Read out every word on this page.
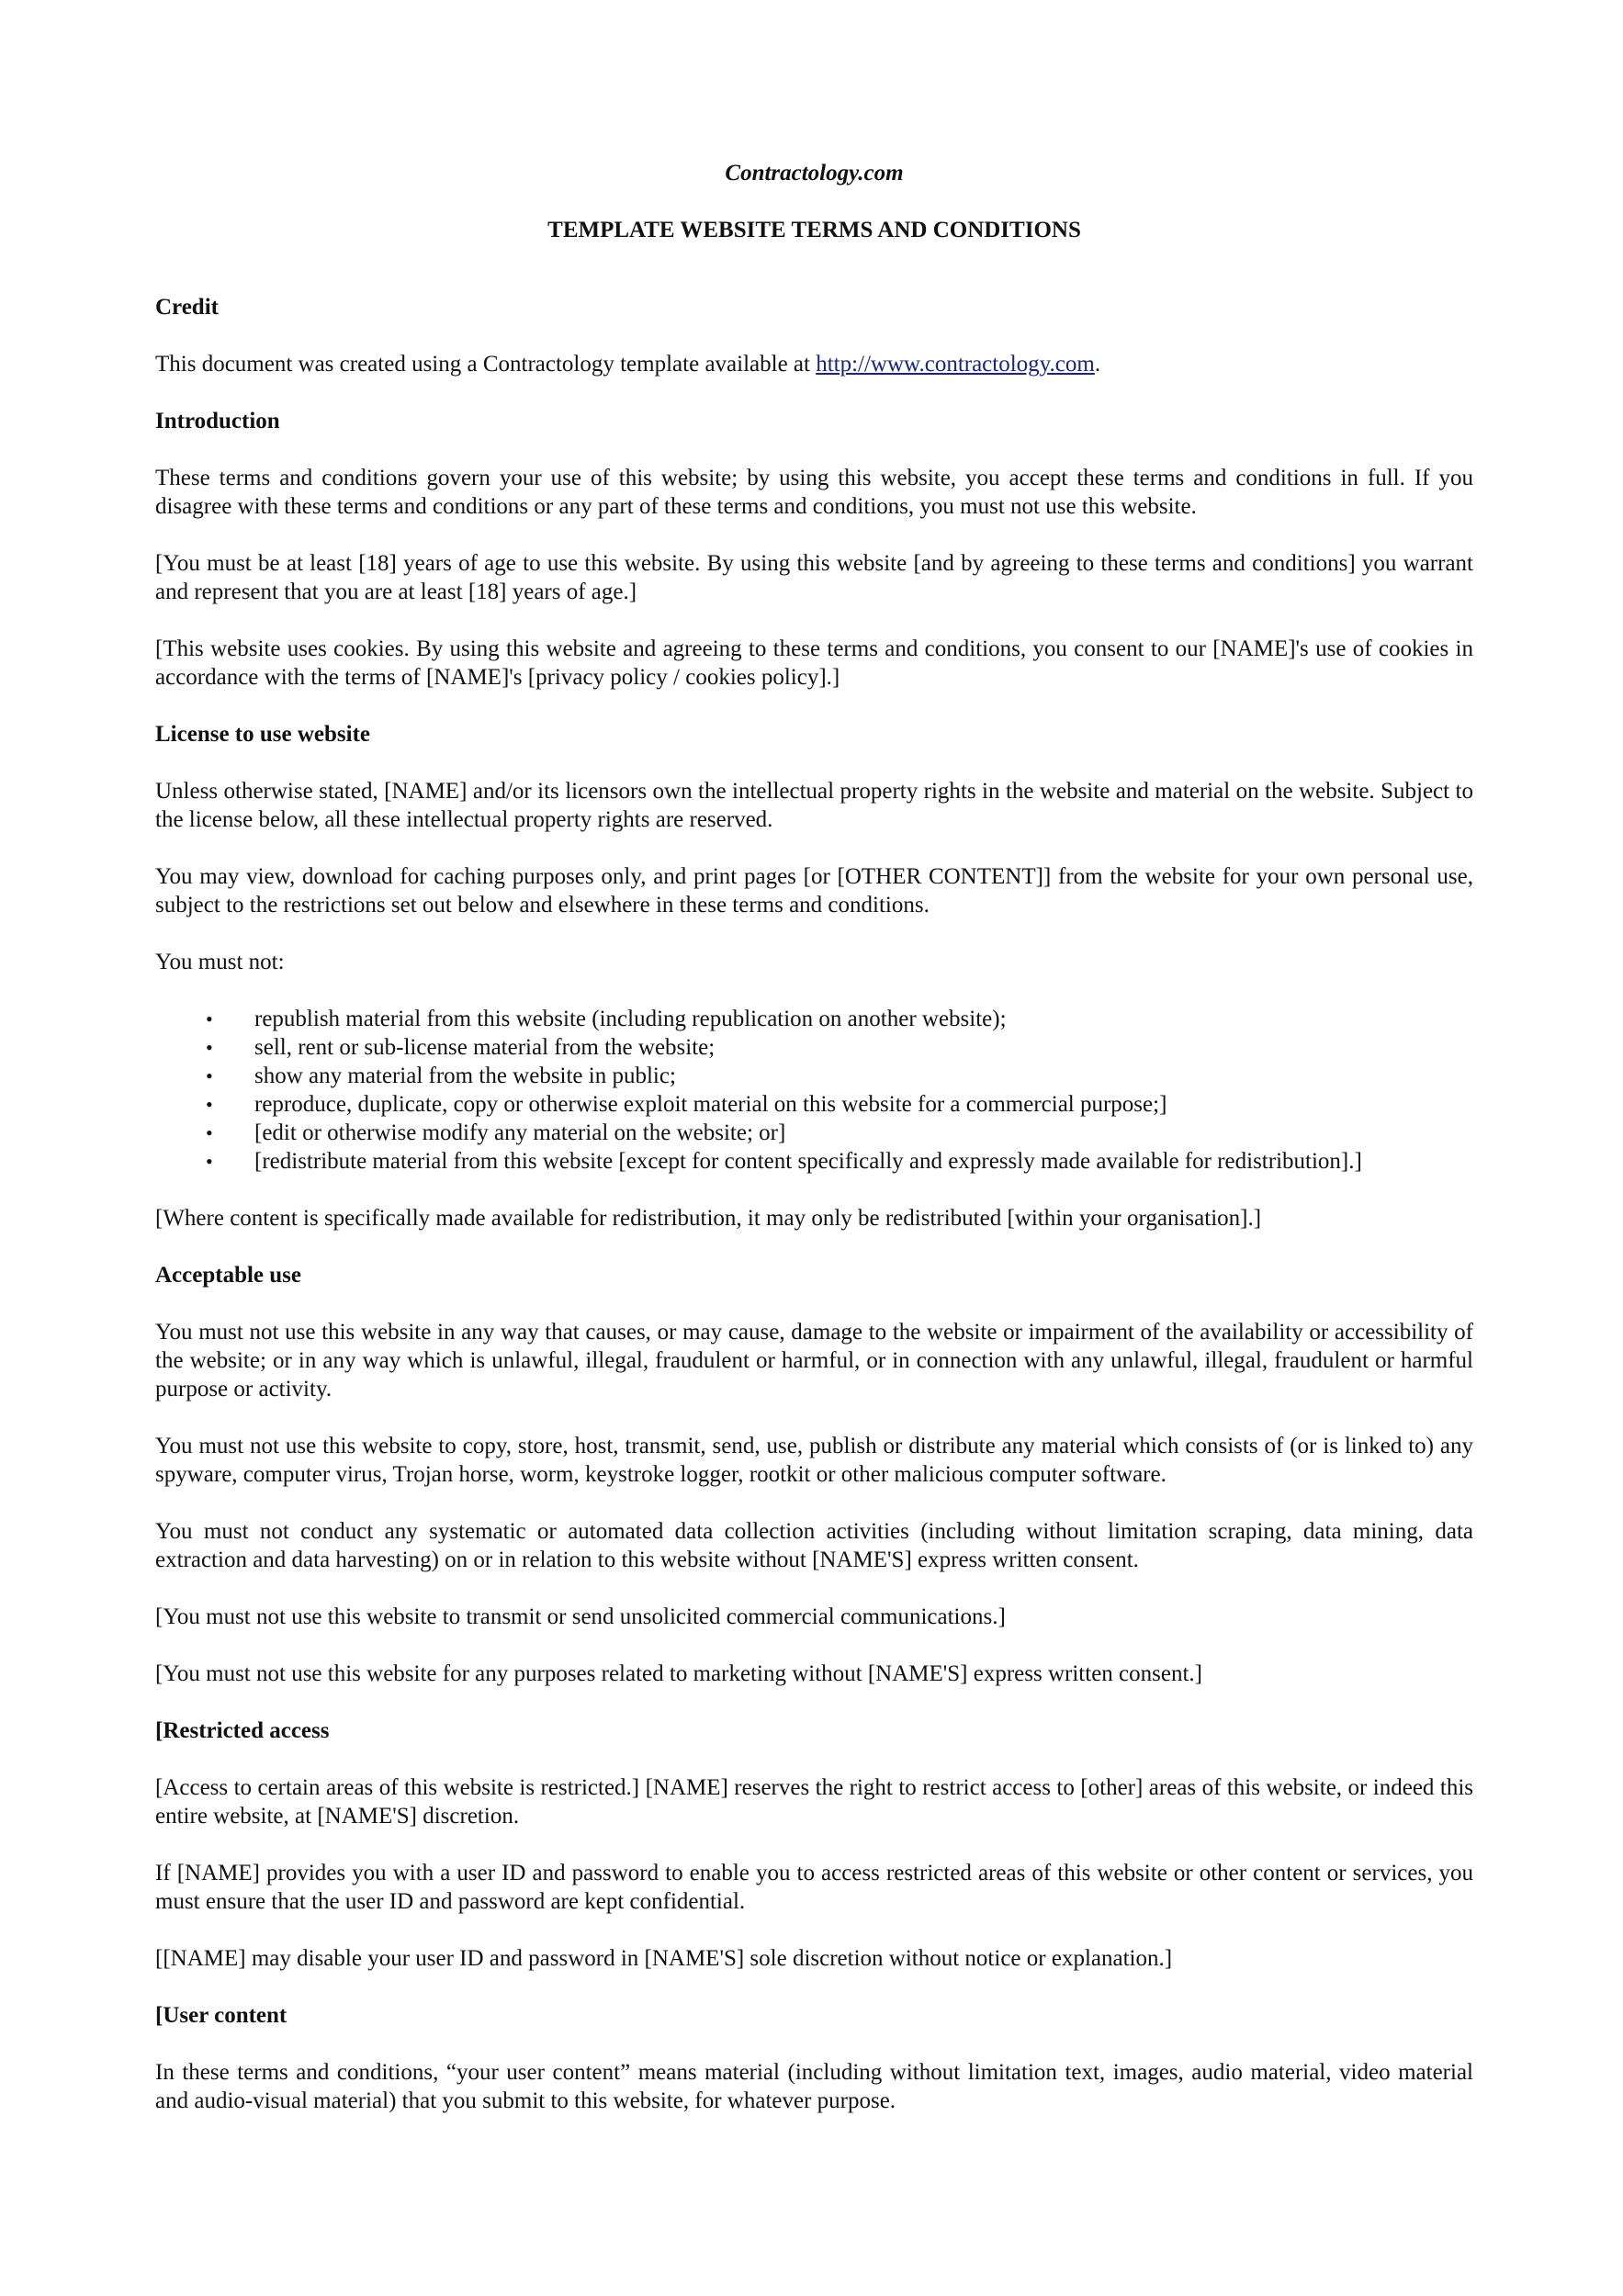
Contractology.com
TEMPLATE WEBSITE TERMS AND CONDITIONS
Credit

This document was created using a Contractology template available at http://www.contractology.com.

Introduction

These terms and conditions govern your use of this website; by using this website, you accept these terms and conditions in full. If you disagree with these terms and conditions or any part of these terms and conditions, you must not use this website.

[You must be at least [18] years of age to use this website. By using this website [and by agreeing to these terms and conditions] you warrant and represent that you are at least [18] years of age.]

[This website uses cookies. By using this website and agreeing to these terms and conditions, you consent to our [NAME]'s use of cookies in accordance with the terms of [NAME]'s [privacy policy / cookies policy].]

License to use website

Unless otherwise stated, [NAME] and/or its licensors own the intellectual property rights in the website and material on the website. Subject to the license below, all these intellectual property rights are reserved.

You may view, download for caching purposes only, and print pages [or [OTHER CONTENT]] from the website for your own personal use, subject to the restrictions set out below and elsewhere in these terms and conditions.

You must not:

• republish material from this website (including republication on another website);
• sell, rent or sub-license material from the website;
• show any material from the website in public;
• reproduce, duplicate, copy or otherwise exploit material on this website for a commercial purpose;]
• [edit or otherwise modify any material on the website; or]
• [redistribute material from this website [except for content specifically and expressly made available for redistribution].]

[Where content is specifically made available for redistribution, it may only be redistributed [within your organisation].]

Acceptable use

You must not use this website in any way that causes, or may cause, damage to the website or impairment of the availability or accessibility of the website; or in any way which is unlawful, illegal, fraudulent or harmful, or in connection with any unlawful, illegal, fraudulent or harmful purpose or activity.

You must not use this website to copy, store, host, transmit, send, use, publish or distribute any material which consists of (or is linked to) any spyware, computer virus, Trojan horse, worm, keystroke logger, rootkit or other malicious computer software.

You must not conduct any systematic or automated data collection activities (including without limitation scraping, data mining, data extraction and data harvesting) on or in relation to this website without [NAME'S] express written consent.

[You must not use this website to transmit or send unsolicited commercial communications.]

[You must not use this website for any purposes related to marketing without [NAME'S] express written consent.]

[Restricted access

[Access to certain areas of this website is restricted.] [NAME] reserves the right to restrict access to [other] areas of this website, or indeed this entire website, at [NAME'S] discretion.

If [NAME] provides you with a user ID and password to enable you to access restricted areas of this website or other content or services, you must ensure that the user ID and password are kept confidential.

[[NAME] may disable your user ID and password in [NAME'S] sole discretion without notice or explanation.]

[User content

In these terms and conditions, “your user content” means material (including without limitation text, images, audio material, video material and audio-visual material) that you submit to this website, for whatever purpose.
